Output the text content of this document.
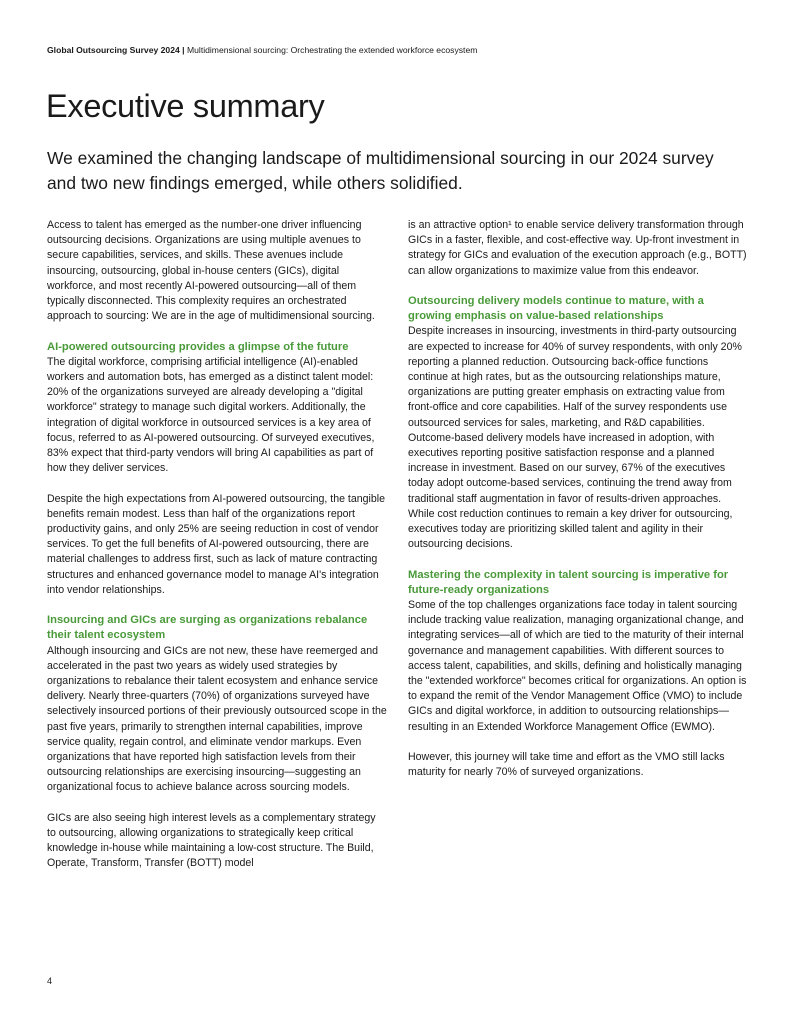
Global Outsourcing Survey 2024 | Multidimensional sourcing: Orchestrating the extended workforce ecosystem
Executive summary
We examined the changing landscape of multidimensional sourcing in our 2024 survey and two new findings emerged, while others solidified.

Access to talent has emerged as the number-one driver influencing outsourcing decisions. Organizations are using multiple avenues to secure capabilities, services, and skills. These avenues include insourcing, outsourcing, global in-house centers (GICs), digital workforce, and most recently AI-powered outsourcing—all of them typically disconnected. This complexity requires an orchestrated approach to sourcing: We are in the age of multidimensional sourcing.

AI-powered outsourcing provides a glimpse of the future

The digital workforce, comprising artificial intelligence (AI)-enabled workers and automation bots, has emerged as a distinct talent model: 20% of the organizations surveyed are already developing a "digital workforce" strategy to manage such digital workers. Additionally, the integration of digital workforce in outsourced services is a key area of focus, referred to as AI-powered outsourcing. Of surveyed executives, 83% expect that third-party vendors will bring AI capabilities as part of how they deliver services.

Despite the high expectations from AI-powered outsourcing, the tangible benefits remain modest. Less than half of the organizations report productivity gains, and only 25% are seeing reduction in cost of vendor services. To get the full benefits of AI-powered outsourcing, there are material challenges to address first, such as lack of mature contracting structures and enhanced governance model to manage AI's integration into vendor relationships.

Insourcing and GICs are surging as organizations rebalance their talent ecosystem

Although insourcing and GICs are not new, these have reemerged and accelerated in the past two years as widely used strategies by organizations to rebalance their talent ecosystem and enhance service delivery. Nearly three-quarters (70%) of organizations surveyed have selectively insourced portions of their previously outsourced scope in the past five years, primarily to strengthen internal capabilities, improve service quality, regain control, and eliminate vendor markups. Even organizations that have reported high satisfaction levels from their outsourcing relationships are exercising insourcing—suggesting an organizational focus to achieve balance across sourcing models.

GICs are also seeing high interest levels as a complementary strategy to outsourcing, allowing organizations to strategically keep critical knowledge in-house while maintaining a low-cost structure. The Build, Operate, Transform, Transfer (BOTT) model

is an attractive option¹ to enable service delivery transformation through GICs in a faster, flexible, and cost-effective way. Up-front investment in strategy for GICs and evaluation of the execution approach (e.g., BOTT) can allow organizations to maximize value from this endeavor.

Outsourcing delivery models continue to mature, with a growing emphasis on value-based relationships

Despite increases in insourcing, investments in third-party outsourcing are expected to increase for 40% of survey respondents, with only 20% reporting a planned reduction. Outsourcing back-office functions continue at high rates, but as the outsourcing relationships mature, organizations are putting greater emphasis on extracting value from front-office and core capabilities. Half of the survey respondents use outsourced services for sales, marketing, and R&D capabilities. Outcome-based delivery models have increased in adoption, with executives reporting positive satisfaction response and a planned increase in investment. Based on our survey, 67% of the executives today adopt outcome-based services, continuing the trend away from traditional staff augmentation in favor of results-driven approaches. While cost reduction continues to remain a key driver for outsourcing, executives today are prioritizing skilled talent and agility in their outsourcing decisions.

Mastering the complexity in talent sourcing is imperative for future-ready organizations

Some of the top challenges organizations face today in talent sourcing include tracking value realization, managing organizational change, and integrating services—all of which are tied to the maturity of their internal governance and management capabilities. With different sources to access talent, capabilities, and skills, defining and holistically managing the "extended workforce" becomes critical for organizations. An option is to expand the remit of the Vendor Management Office (VMO) to include GICs and digital workforce, in addition to outsourcing relationships—resulting in an Extended Workforce Management Office (EWMO).

However, this journey will take time and effort as the VMO still lacks maturity for nearly 70% of surveyed organizations.

4
